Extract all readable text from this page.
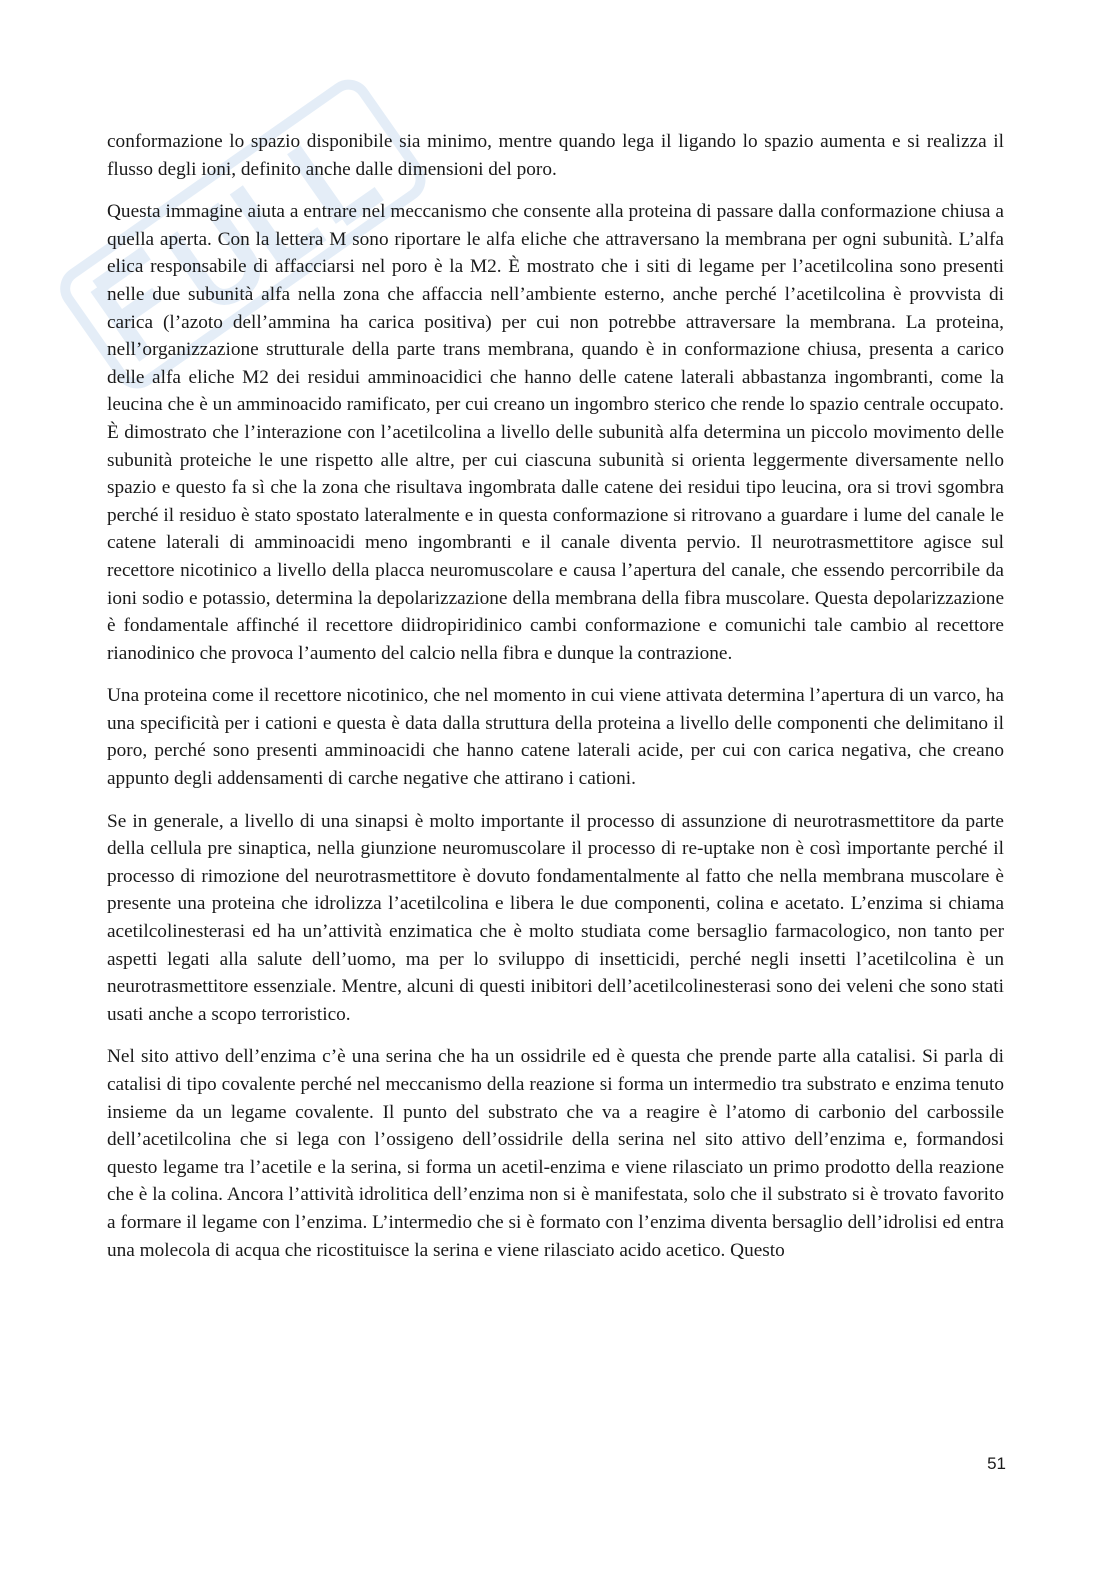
conformazione lo spazio disponibile sia minimo, mentre quando lega il ligando lo spazio aumenta e si realizza il flusso degli ioni, definito anche dalle dimensioni del poro.

Questa immagine aiuta a entrare nel meccanismo che consente alla proteina di passare dalla conformazione chiusa a quella aperta. Con la lettera M sono riportare le alfa eliche che attraversano la membrana per ogni subunità. L’alfa elica responsabile di affacciarsi nel poro è la M2. È mostrato che i siti di legame per l’acetilcolina sono presenti nelle due subunità alfa nella zona che affaccia nell’ambiente esterno, anche perché l’acetilcolina è provvista di carica (l’azoto dell’ammina ha carica positiva) per cui non potrebbe attraversare la membrana. La proteina, nell’organizzazione strutturale della parte trans membrana, quando è in conformazione chiusa, presenta a carico delle alfa eliche M2 dei residui amminoacidici che hanno delle catene laterali abbastanza ingombranti, come la leucina che è un amminoacido ramificato, per cui creano un ingombro sterico che rende lo spazio centrale occupato. È dimostrato che l’interazione con l’acetilcolina a livello delle subunità alfa determina un piccolo movimento delle subunità proteiche le une rispetto alle altre, per cui ciascuna subunità si orienta leggermente diversamente nello spazio e questo fa sì che la zona che risultava ingombrata dalle catene dei residui tipo leucina, ora si trovi sgombra perché il residuo è stato spostato lateralmente e in questa conformazione si ritrovano a guardare i lume del canale le catene laterali di amminoacidi meno ingombranti e il canale diventa pervio. Il neurotrasmettitore agisce sul recettore nicotinico a livello della placca neuromuscolare e causa l’apertura del canale, che essendo percorribile da ioni sodio e potassio, determina la depolarizzazione della membrana della fibra muscolare. Questa depolarizzazione è fondamentale affinché il recettore diidropiridinico cambi conformazione e comunichi tale cambio al recettore rianodinico che provoca l’aumento del calcio nella fibra e dunque la contrazione.

Una proteina come il recettore nicotinico, che nel momento in cui viene attivata determina l’apertura di un varco, ha una specificità per i cationi e questa è data dalla struttura della proteina a livello delle componenti che delimitano il poro, perché sono presenti amminoacidi che hanno catene laterali acide, per cui con carica negativa, che creano appunto degli addensamenti di carche negative che attirano i cationi.

Se in generale, a livello di una sinapsi è molto importante il processo di assunzione di neurotrasmettitore da parte della cellula pre sinaptica, nella giunzione neuromuscolare il processo di re-uptake non è così importante perché il processo di rimozione del neurotrasmettitore è dovuto fondamentalmente al fatto che nella membrana muscolare è presente una proteina che idrolizza l’acetilcolina e libera le due componenti, colina e acetato. L’enzima si chiama acetilcolinesterasi ed ha un’attività enzimatica che è molto studiata come bersaglio farmacologico, non tanto per aspetti legati alla salute dell’uomo, ma per lo sviluppo di insetticidi, perché negli insetti l’acetilcolina è un neurotrasmettitore essenziale. Mentre, alcuni di questi inibitori dell’acetilcolinesterasi sono dei veleni che sono stati usati anche a scopo terroristico.

Nel sito attivo dell’enzima c’è una serina che ha un ossidrile ed è questa che prende parte alla catalisi. Si parla di catalisi di tipo covalente perché nel meccanismo della reazione si forma un intermedio tra substrato e enzima tenuto insieme da un legame covalente. Il punto del substrato che va a reagire è l’atomo di carbonio del carbossile dell’acetilcolina che si lega con l’ossigeno dell’ossidrile della serina nel sito attivo dell’enzima e, formandosi questo legame tra l’acetile e la serina, si forma un acetil-enzima e viene rilasciato un primo prodotto della reazione che è la colina. Ancora l’attività idrolitica dell’enzima non si è manifestata, solo che il substrato si è trovato favorito a formare il legame con l’enzima. L’intermedio che si è formato con l’enzima diventa bersaglio dell’idrolisi ed entra una molecola di acqua che ricostituisce la serina e viene rilasciato acido acetico. Questo

51
